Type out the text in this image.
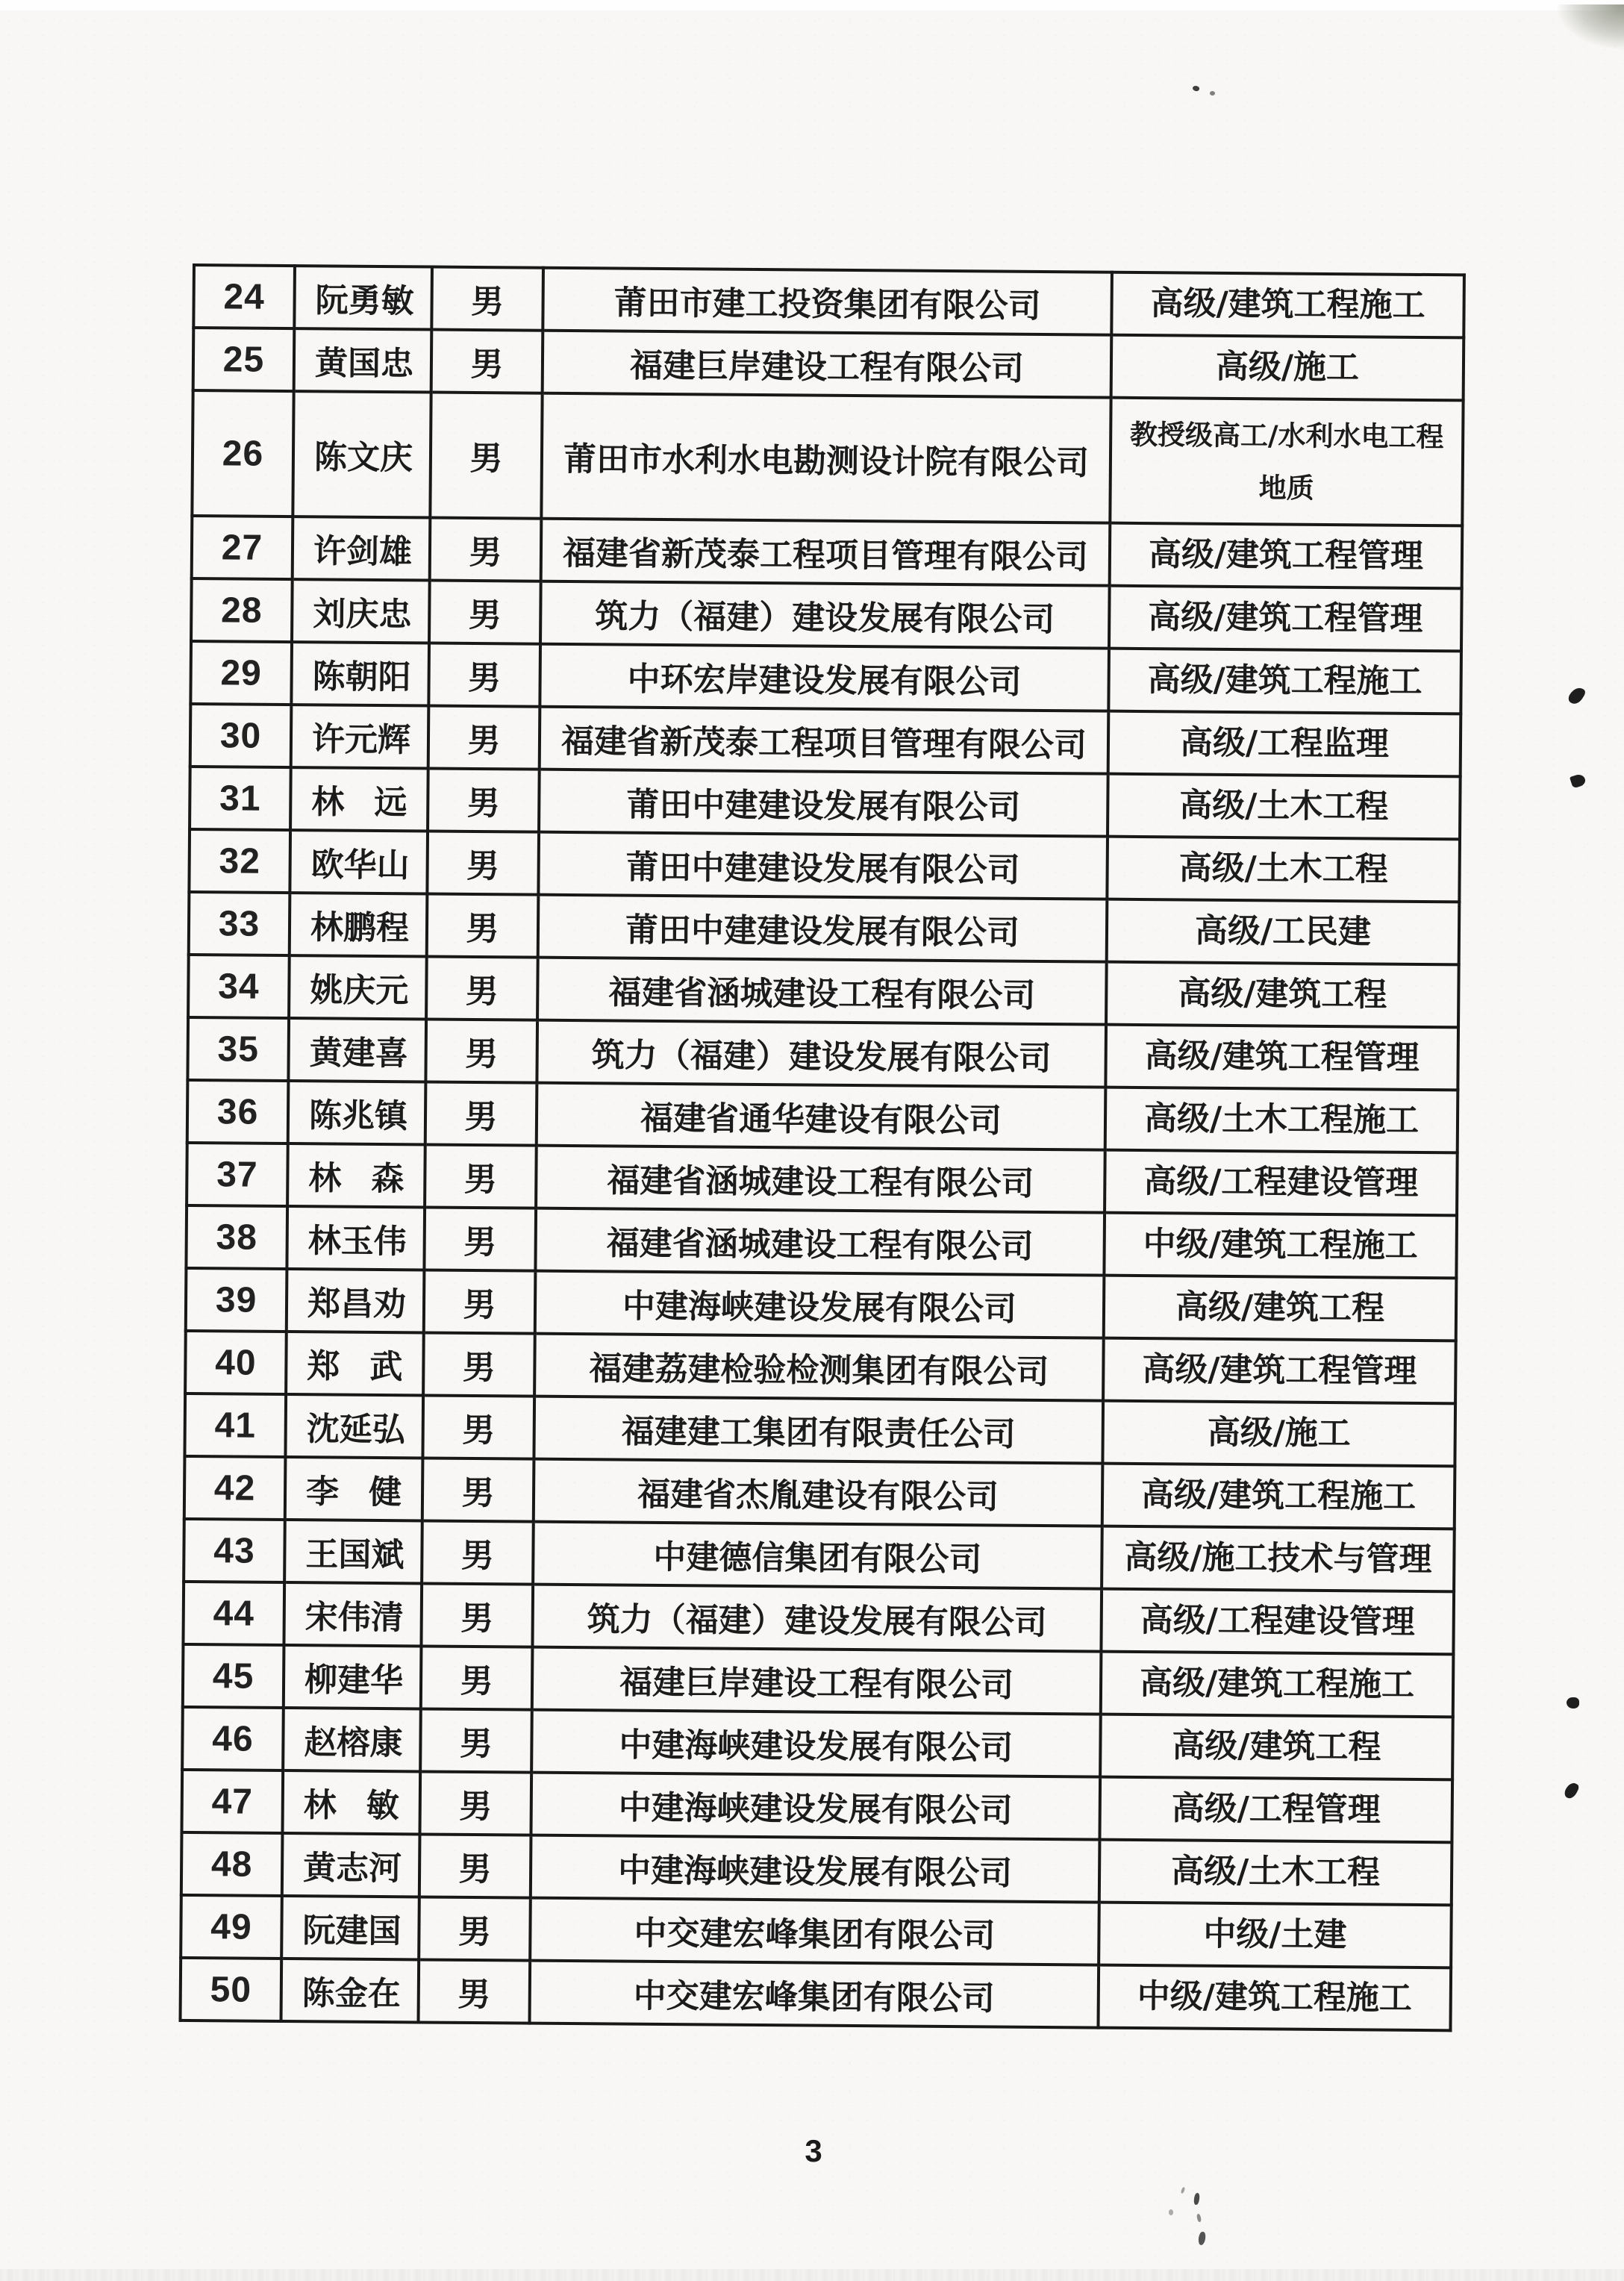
24	阮勇敏	男	莆田市建工投资集团有限公司	高级/建筑工程施工
25	黄国忠	男	福建巨岸建设工程有限公司	高级/施工
26	陈文庆	男	莆田市水利水电勘测设计院有限公司	教授级高工/水利水电工程
地质
27	许剑雄	男	福建省新茂泰工程项目管理有限公司	高级/建筑工程管理
28	刘庆忠	男	筑力（福建）建设发展有限公司	高级/建筑工程管理
29	陈朝阳	男	中环宏岸建设发展有限公司	高级/建筑工程施工
30	许元辉	男	福建省新茂泰工程项目管理有限公司	高级/工程监理
31	林远	男	莆田中建建设发展有限公司	高级/土木工程
32	欧华山	男	莆田中建建设发展有限公司	高级/土木工程
33	林鹏程	男	莆田中建建设发展有限公司	高级/工民建
34	姚庆元	男	福建省涵城建设工程有限公司	高级/建筑工程
35	黄建喜	男	筑力（福建）建设发展有限公司	高级/建筑工程管理
36	陈兆镇	男	福建省通华建设有限公司	高级/土木工程施工
37	林森	男	福建省涵城建设工程有限公司	高级/工程建设管理
38	林玉伟	男	福建省涵城建设工程有限公司	中级/建筑工程施工
39	郑昌劝	男	中建海峡建设发展有限公司	高级/建筑工程
40	郑武	男	福建荔建检验检测集团有限公司	高级/建筑工程管理
41	沈延弘	男	福建建工集团有限责任公司	高级/施工
42	李健	男	福建省杰胤建设有限公司	高级/建筑工程施工
43	王国斌	男	中建德信集团有限公司	高级/施工技术与管理
44	宋伟清	男	筑力（福建）建设发展有限公司	高级/工程建设管理
45	柳建华	男	福建巨岸建设工程有限公司	高级/建筑工程施工
46	赵榕康	男	中建海峡建设发展有限公司	高级/建筑工程
47	林敏	男	中建海峡建设发展有限公司	高级/工程管理
48	黄志河	男	中建海峡建设发展有限公司	高级/土木工程
49	阮建国	男	中交建宏峰集团有限公司	中级/土建
50	陈金在	男	中交建宏峰集团有限公司	中级/建筑工程施工
3
